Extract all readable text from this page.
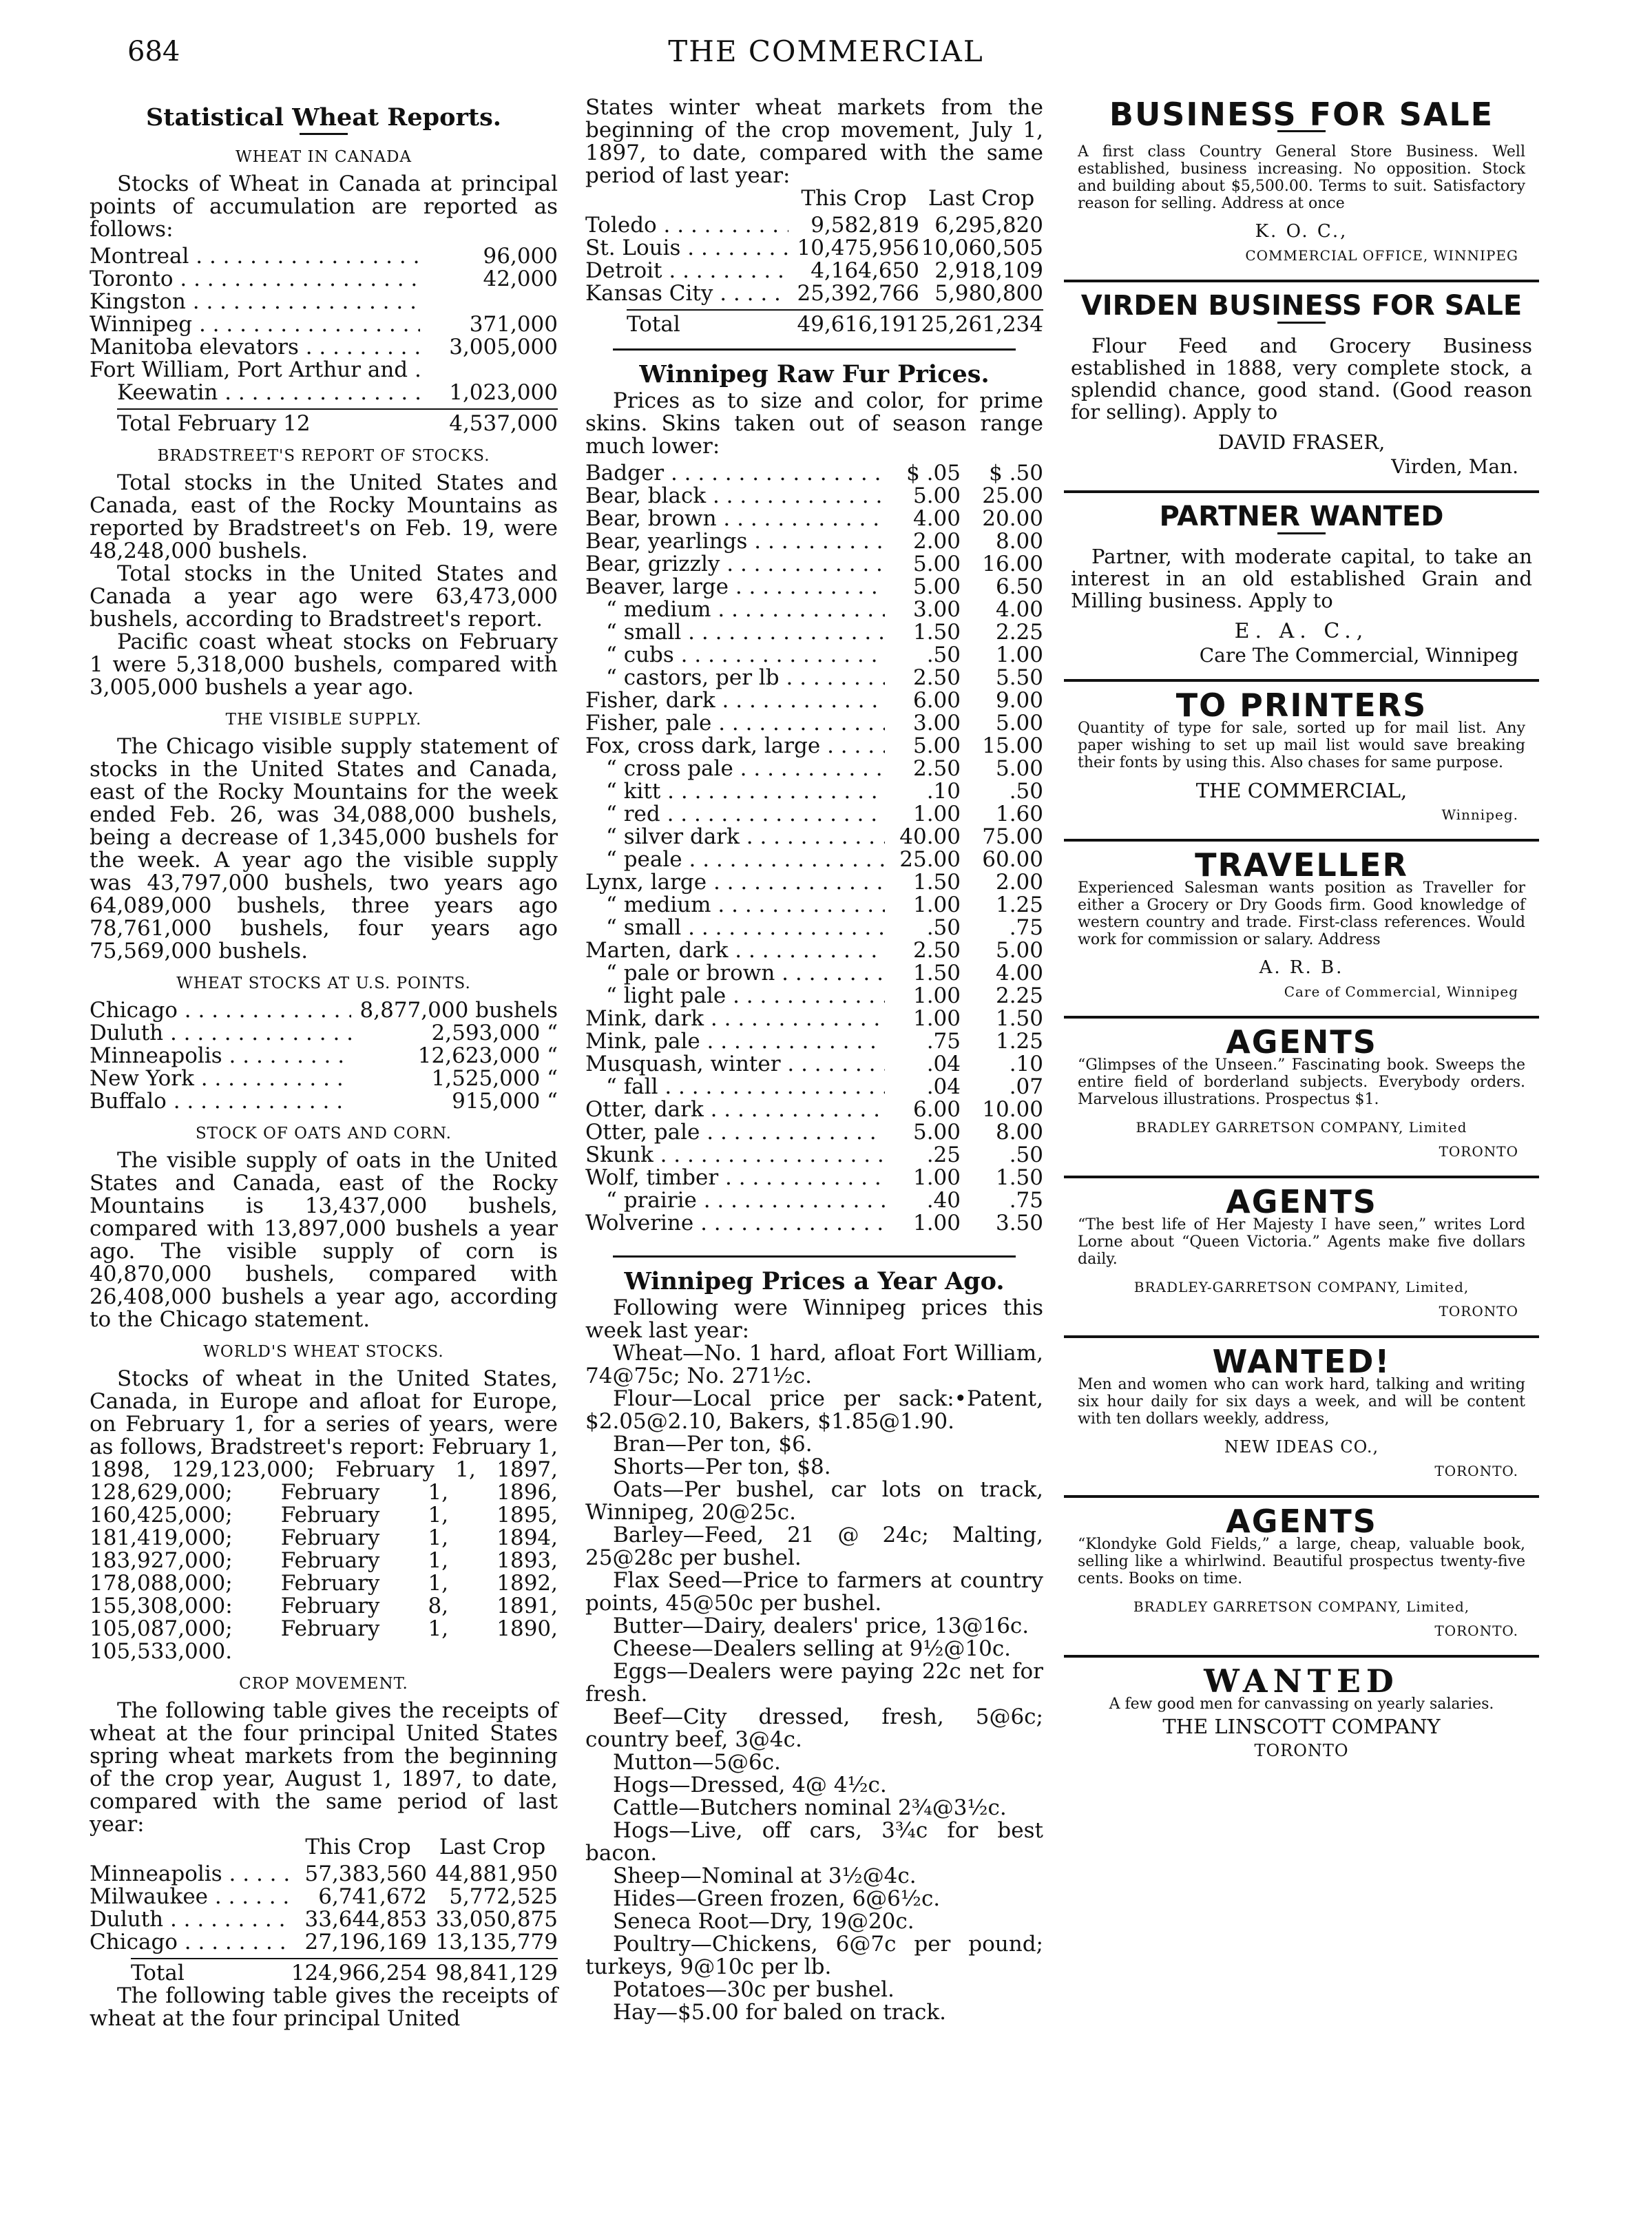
684	THE COMMERCIAL
Statistical Wheat Reports.
WHEAT IN CANADA

Stocks of Wheat in Canada at principal points of accumulation are reported as follows:

Montreal . . .	96,000
Toronto . . .	42,000
Kingston . . .
Winnipeg . . .	371,000
Manitoba elevators . . .	3,005,000
Fort William, Port Arthur and . . .
Keewatin . . .	1,023,000
Total February 12	4,537,000
BRADSTREET'S REPORT OF STOCKS.

Total stocks in the United States and Canada, east of the Rocky Mountains as reported by Bradstreet's on Feb. 19, were 48,248,000 bushels.

Total stocks in the United States and Canada a year ago were 63,473,000 bushels, according to Bradstreet's report.

Pacific coast wheat stocks on February 1 were 5,318,000 bushels, compared with 3,005,000 bushels a year ago.

THE VISIBLE SUPPLY.

The Chicago visible supply statement of stocks in the United States and Canada, east of the Rocky Mountains for the week ended Feb. 26, was 34,088,000 bushels, being a decrease of 1,345,000 bushels for the week. A year ago the visible supply was 43,797,000 bushels, two years ago 64,089,000 bushels, three years ago 78,761,000 bushels, four years ago 75,569,000 bushels.

WHEAT STOCKS AT U.S. POINTS.
Chicago . . .	8,877,000 bushels
Duluth . . .	2,593,000 “
Minneapolis . . .	12,623,000 “
New York . . .	1,525,000 “
Buffalo . . .	915,000 “
STOCK OF OATS AND CORN.

The visible supply of oats in the United States and Canada, east of the Rocky Mountains is 13,437,000 bushels, compared with 13,897,000 bushels a year ago. The visible supply of corn is 40,870,000 bushels, compared with 26,408,000 bushels a year ago, according to the Chicago statement.

WORLD'S WHEAT STOCKS.

Stocks of wheat in the United States, Canada, in Europe and afloat for Europe, on February 1, for a series of years, were as follows, Bradstreet's report: February 1, 1898, 129,123,000; February 1, 1897, 128,629,000; February 1, 1896, 160,425,000; February 1, 1895, 181,419,000; February 1, 1894, 183,927,000; February 1, 1893, 178,088,000; February 1, 1892, 155,308,000: February 8, 1891, 105,087,000; February 1, 1890, 105,533,000.

CROP MOVEMENT.

The following table gives the receipts of wheat at the four principal United States spring wheat markets from the beginning of the crop year, August 1, 1897, to date, compared with the same period of last year:

This Crop	Last Crop
Minneapolis . . .	57,383,560 44,881,950
Milwaukee . . .	6,741,672	5,772,525
Duluth . . .	33,644,853 33,050,875
Chicago . . .	27,196,169 13,135,779
Total	124,966,254 98,841,129

The following table gives the receipts of wheat at the four principal United

States winter wheat markets from the beginning of the crop movement, July 1, 1897, to date, compared with the same period of last year:

This Crop	Last Crop
Toledo . . .	9,582,819 6,295,820
St. Louis . . .	10,475,956 10,060,505
Detroit . . .	4,164,650 2,918,109
Kansas City . . .	25,392,766 5,980,800
Total	49,616,191 25,261,234
Winnipeg Raw Fur Prices.

Prices as to size and color, for prime skins. Skins taken out of season range much lower:

Badger . . .	$ .05	$ .50
Bear, black . . .	5.00	25.00
Bear, brown . . .	4.00	20.00
Bear, yearlings . . .	2.00	8.00
Bear, grizzly . . .	5.00	16.00
Beaver, large . . .	5.00	6.50
“ medium . . .	3.00	4.00
“ small . . .	1.50	2.25
“ cubs . . .	.50	1.00
“ castors, per lb . . .	2.50	5.50
Fisher, dark . . .	6.00	9.00
Fisher, pale . . .	3.00	5.00
Fox, cross dark, large . . .	5.00	15.00
“ cross pale . . .	2.50	5.00
“ kitt . . .	.10	.50
“ red . . .	1.00	1.60
“ silver dark . . .	40.00	75.00
“ peale . . .	25.00	60.00
Lynx, large . . .	1.50	2.00
“ medium . . .	1.00	1.25
“ small . . .	.50	.75
Marten, dark . . .	2.50	5.00
“ pale or brown . . .	1.50	4.00
“ light pale . . .	1.00	2.25
Mink, dark . . .	1.00	1.50
Mink, pale . . .	.75	1.25
Musquash, winter . . .	.04	.10
“ fall . . .	.04	.07
Otter, dark . . .	6.00	10.00
Otter, pale . . .	5.00	8.00
Skunk . . .	.25	.50
Wolf, timber . . .	1.00	1.50
“ prairie . . .	.40	.75
Wolverine . . .	1.00	3.50
Winnipeg Prices a Year Ago.

Following were Winnipeg prices this week last year:

Wheat—No. 1 hard, afloat Fort William, 74@75c; No. 271½c.

Flour—Local price per sack:•Patent, $2.05@2.10, Bakers, $1.85@1.90.

Bran—Per ton, $6.

Shorts—Per ton, $8.

Oats—Per bushel, car lots on track, Winnipeg, 20@25c.

Barley—Feed, 21 @ 24c; Malting, 25@28c per bushel.

Flax Seed—Price to farmers at country points, 45@50c per bushel.

Butter—Dairy, dealers' price, 13@16c.

Cheese—Dealers selling at 9½@10c.

Eggs—Dealers were paying 22c net for fresh.

Beef—City dressed, fresh, 5@6c; country beef, 3@4c.

Mutton—5@6c.

Hogs—Dressed, 4@ 4½c.

Cattle—Butchers nominal 2¾@3½c.

Hogs—Live, off cars, 3¾c for best bacon.

Sheep—Nominal at 3½@4c.

Hides—Green frozen, 6@6½c.

Seneca Root—Dry, 19@20c.

Poultry—Chickens, 6@7c per pound; turkeys, 9@10c per lb.

Potatoes—30c per bushel.

Hay—$5.00 for baled on track.

BUSINESS FOR SALE

A first class Country General Store Business. Well established, business increasing. No opposition. Stock and building about $5,500.00. Terms to suit. Satisfactory reason for selling. Address at once

K. O. C.,
COMMERCIAL OFFICE, WINNIPEG
VIRDEN BUSINESS FOR SALE

Flour Feed and Grocery Business established in 1888, very complete stock, a splendid chance, good stand. (Good reason for selling). Apply to

DAVID FRASER,
Virden, Man.
PARTNER WANTED

Partner, with moderate capital, to take an interest in an old established Grain and Milling business. Apply to

E. A. C.,
Care The Commercial, Winnipeg
TO PRINTERS

Quantity of type for sale, sorted up for mail list. Any paper wishing to set up mail list would save breaking their fonts by using this. Also chases for same purpose.

THE COMMERCIAL,
Winnipeg.
TRAVELLER

Experienced Salesman wants position as Traveller for either a Grocery or Dry Goods firm. Good knowledge of western country and trade. First-class references. Would work for commission or salary. Address

A. R. B.
Care of Commercial, Winnipeg
AGENTS

“Glimpses of the Unseen.” Fascinating book. Sweeps the entire field of borderland subjects. Everybody orders. Marvelous illustrations. Prospectus $1.

BRADLEY GARRETSON COMPANY, Limited
TORONTO
AGENTS

“The best life of Her Majesty I have seen,” writes Lord Lorne about “Queen Victoria.” Agents make five dollars daily.

BRADLEY-GARRETSON COMPANY, Limited,
TORONTO
WANTED!

Men and women who can work hard, talking and writing six hour daily for six days a week, and will be content with ten dollars weekly, address,

NEW IDEAS CO.,
TORONTO.
AGENTS

“Klondyke Gold Fields,” a large, cheap, valuable book, selling like a whirlwind. Beautiful prospectus twenty-five cents. Books on time.

BRADLEY GARRETSON COMPANY, Limited,
TORONTO.
WANTED

A few good men for canvassing on yearly salaries.

THE LINSCOTT COMPANY
TORONTO
